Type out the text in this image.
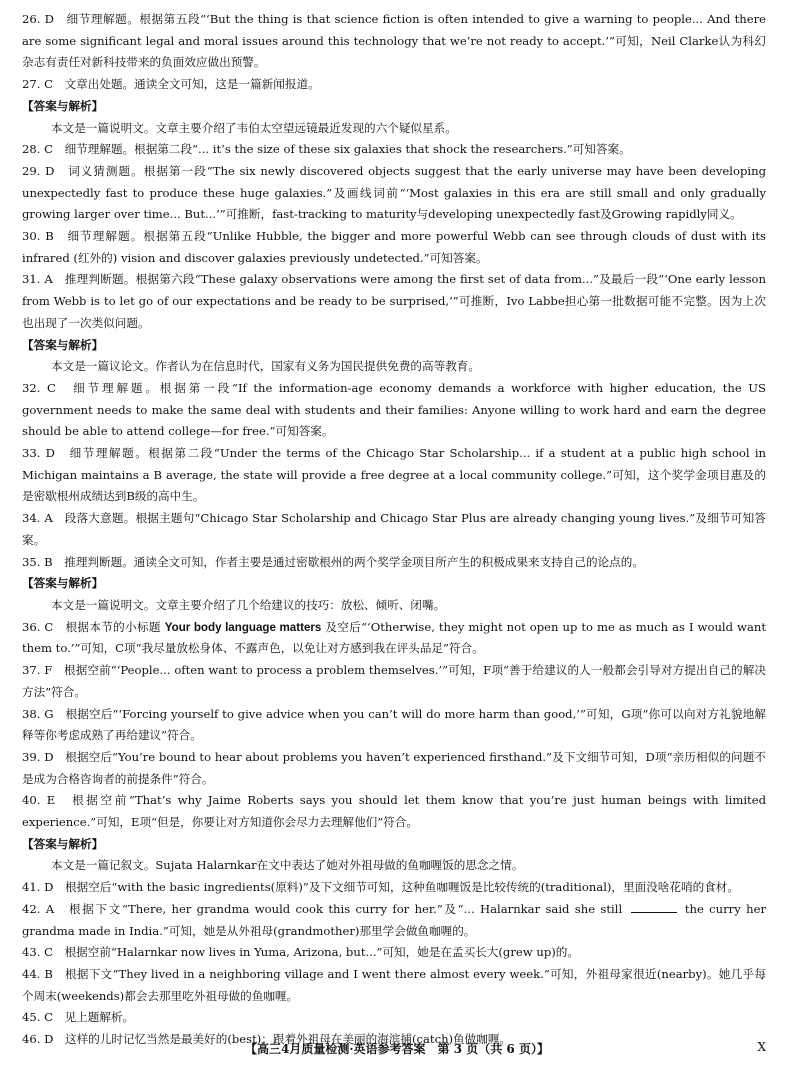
26. D　细节理解题。根据第五段“‘But the thing is that science fiction is often intended to give a warning to people... And there are some significant legal and moral issues around this technology that we’re not ready to accept.’”可知，Neil Clarke认为科幻杂志有责任对新科技带来的负面效应做出预警。

27. C　文章出处题。通读全文可知，这是一篇新闻报道。

【答案与解析】

本文是一篇说明文。文章主要介绍了韦伯太空望远镜最近发现的六个疑似星系。

28. C　细节理解题。根据第二段“... it’s the size of these six galaxies that shock the researchers.”可知答案。

29. D　词义猜测题。根据第一段“The six newly discovered objects suggest that the early universe may have been developing unexpectedly fast to produce these huge galaxies.”及画线词前“‘Most galaxies in this era are still small and only gradually growing larger over time... But...’”可推断，fast-tracking to maturity与developing unexpectedly fast及Growing rapidly同义。

30. B　细节理解题。根据第五段“Unlike Hubble, the bigger and more powerful Webb can see through clouds of dust with its infrared (红外的) vision and discover galaxies previously undetected.”可知答案。

31. A　推理判断题。根据第六段“These galaxy observations were among the first set of data from...”及最后一段“‘One early lesson from Webb is to let go of our expectations and be ready to be surprised,’”可推断，Ivo Labbe担心第一批数据可能不完整。因为上次也出现了一次类似问题。

【答案与解析】

本文是一篇议论文。作者认为在信息时代，国家有义务为国民提供免费的高等教育。

32. C　细节理解题。根据第一段“If the information-age economy demands a workforce with higher education, the US government needs to make the same deal with students and their families: Anyone willing to work hard and earn the degree should be able to attend college—for free.”可知答案。

33. D　细节理解题。根据第二段“Under the terms of the Chicago Star Scholarship... if a student at a public high school in Michigan maintains a B average, the state will provide a free degree at a local community college.”可知，这个奖学金项目惠及的是密歇根州成绩达到B级的高中生。

34. A　段落大意题。根据主题句“Chicago Star Scholarship and Chicago Star Plus are already changing young lives.”及细节可知答案。

35. B　推理判断题。通读全文可知，作者主要是通过密歇根州的两个奖学金项目所产生的积极成果来支持自己的论点的。

【答案与解析】

本文是一篇说明文。文章主要介绍了几个给建议的技巧：放松、倾听、闭嘴。

36. C　根据本节的小标题 Your body language matters 及空后“‘Otherwise, they might not open up to me as much as I would want them to.’”可知，C项“我尽量放松身体、不露声色，以免让对方感到我在评头品足”符合。

37. F　根据空前“‘People... often want to process a problem themselves.’”可知，F项“善于给建议的人一般都会引导对方提出自己的解决方法”符合。

38. G　根据空后“‘Forcing yourself to give advice when you can’t will do more harm than good,’”可知，G项“你可以向对方礼貌地解释等你考虑成熟了再给建议”符合。

39. D　根据空后“You’re bound to hear about problems you haven’t experienced firsthand.”及下文细节可知，D项“亲历相似的问题不是成为合格咨询者的前提条件”符合。

40. E　根据空前“That’s why Jaime Roberts says you should let them know that you’re just human beings with limited experience.”可知，E项“但是，你要让对方知道你会尽力去理解他们”符合。

【答案与解析】

本文是一篇记叙文。Sujata Halarnkar在文中表达了她对外祖母做的鱼咖喱饭的思念之情。

41. D　根据空后“with the basic ingredients(原料)”及下文细节可知，这种鱼咖喱饭是比较传统的(traditional)，里面没啥花哨的食材。

42. A　根据下文“There, her grandma would cook this curry for her.”及“... Halarnkar said she still	the curry her grandma made in India.”可知，她是从外祖母(grandmother)那里学会做鱼咖喱的。

43. C　根据空前“Halarnkar now lives in Yuma, Arizona, but...”可知，她是在孟买长大(grew up)的。

44. B　根据下文“They lived in a neighboring village and I went there almost every week.”可知，外祖母家很近(nearby)。她几乎每个周末(weekends)都会去那里吃外祖母做的鱼咖喱。

45. C　见上题解析。

46. D　这样的儿时记忆当然是最美好的(best)；跟着外祖母在美丽的海滨捕(catch)鱼做咖喱。

【高三4月质量检测·英语参考答案　第 3 页（共 6 页）】	X
